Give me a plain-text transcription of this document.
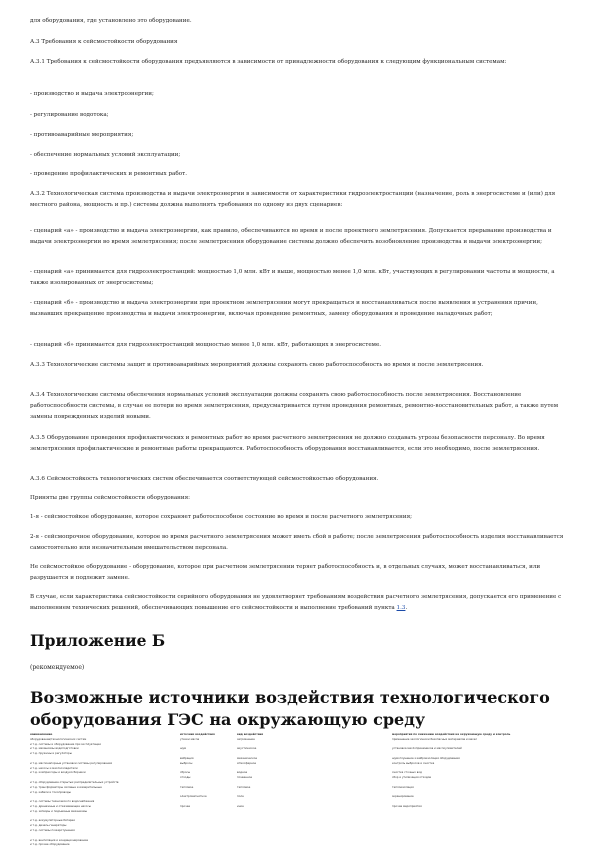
для оборудования, где установлено это оборудование.

А.3 Требования к сейсмостойкости оборудования

А.3.1 Требования к сейсмостойкости оборудования предъявляются в зависимости от принадлежности оборудования к следующим функциональным системам:

- производство и выдача электроэнергии;

- регулирование водотока;

- противоаварийные мероприятия;

- обеспечение нормальных условий эксплуатации;

- проведение профилактических и ремонтных работ.

А.3.2 Технологическая система производства и выдачи электроэнергии в зависимости от характеристики гидроэлектростанции (назначение, роль в энергосистеме и (или) для местного района, мощность и пр.) системы должна выполнять требования по одному из двух сценариев:

- сценарий «а» - производство и выдача электроэнергии, как правило, обеспечиваются во время и после проектного землетрясения. Допускается прерывание производства и выдачи электроэнергии во время землетрясения; после землетрясения оборудование системы должно обеспечить возобновление производства и выдачи электроэнергии;

- сценарий «а» принимается для гидроэлектростанций: мощностью 1,0 млн. кВт и выше, мощностью менее 1,0 млн. кВт, участвующих в регулировании частоты и мощности, а также изолированных от энергосистемы;

- сценарий «б» - производство и выдача электроэнергии при проектном землетрясении могут прекращаться и восстанавливаться после выявления и устранения причин, вызвавших прекращение производства и выдачи электроэнергии, включая проведение ремонтных, замену оборудования и проведение наладочных работ;

- сценарий «б» принимается для гидроэлектростанций мощностью менее 1,0 млн. кВт, работающих в энергосистеме.

А.3.3 Технологические системы защит и противоаварийных мероприятий должны сохранять свою работоспособность во время и после землетрясения.

А.3.4 Технологические системы обеспечения нормальных условий эксплуатации должны сохранять свою работоспособность после землетрясения. Восстановление работоспособности системы, в случае ее потери во время землетрясения, предусматривается путем проведения ремонтных, ремонтно-восстановительных работ, а также путем замены поврежденных изделий новыми.

А.3.5 Оборудование проведения профилактических и ремонтных работ во время расчетного землетрясения не должно создавать угрозы безопасности персоналу. Во время землетрясения профилактические и ремонтные работы прекращаются. Работоспособность оборудования восстанавливается, если это необходимо, после землетрясения.

А.3.6 Сейсмостойкость технологических систем обеспечивается соответствующей сейсмостойкостью оборудования.

Приняты две группы сейсмостойкости оборудования:

1-я - сейсмостойкое оборудование, которое сохраняет работоспособное состояние во время и после расчетного землетрясения;

2-я - сейсмопрочное оборудование, которое во время расчетного землетрясения может иметь сбой в работе; после землетрясения работоспособность изделия восстанавливается самостоятельно или незначительным вмешательством персонала.

Не сейсмостойкое оборудование - оборудование, которое при расчетном землетрясении теряет работоспособность и, в отдельных случаях, может восстанавливаться, или разрушается и подлежит замене.

В случае, если характеристика сейсмостойкости серийного оборудования не удовлетворяет требованиям воздействия расчетного землетрясения, допускается его применение с выполнением технических решений, обеспечивающих повышение его сейсмостойкости и выполнение требований пункта 1.3.

Приложение Б
(рекомендуемое)
Возможные источники воздействия технологического оборудования ГЭС на окружающую среду
наименование
оборудование/технологических систем
и т.д. системы и оборудование при эксплуатации
и т.д. механизмы водоподготовки
и т.д. пружины и регуляторы

и т.д. маслонапорные установки системы регулирования
и т.д. насосы и маслоохладители
и т.д. компрессоры и воздухосборники

и т.д. оборудование открытых распределительных устройств
и т.д. трансформаторы силовые и измерительные
и т.д. кабели и токопроводы

и т.д. системы технического водоснабжения
и т.д. дренажные и откачивающие насосы
и т.д. затворы и подъемные механизмы

и т.д. аккумуляторные батареи
и т.д. дизель-генераторы
и т.д. системы пожаротушения

и т.д. вентиляция и кондиционирование
и т.д. прочее оборудование
источник воздействия
утечки масла

шум

вибрация
выбросы

сбросы
отходы

тепловое

электромагнитное

прочее
вид воздействия
загрязнение

акустическое

механическое
атмосферное

водное
почвенное

тепловое

поле

иное
мероприятия по снижению воздействия на окружающую среду и контроль
применение экологически безопасных материалов и масел

установка маслоприемников и маслоуловителей

шумоглушение и виброизоляция оборудования
контроль выбросов и очистка

очистка сточных вод
сбор и утилизация отходов

теплоизоляция

экранирование

прочие мероприятия
